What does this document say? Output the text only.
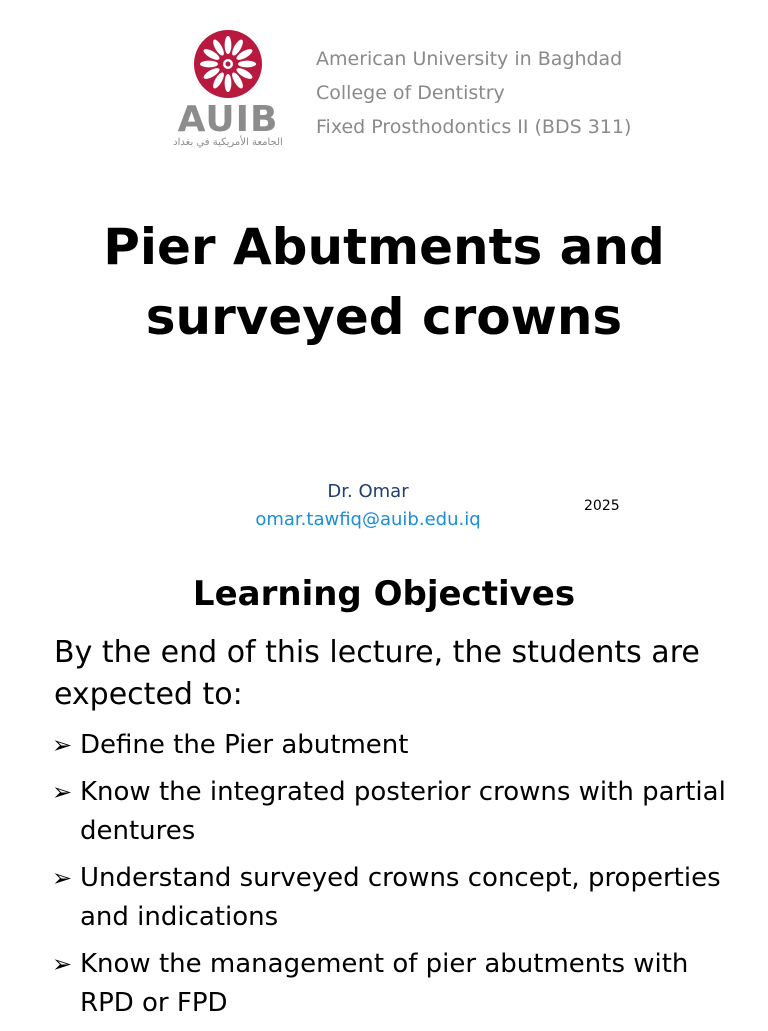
AUIB
الجامعة الأمريكية في بغداد
American University in Baghdad
College of Dentistry
Fixed Prosthodontics II (BDS 311)
Pier Abutments and
surveyed crowns
Dr. Omar
omar.tawfiq@auib.edu.iq
2025
Learning Objectives
By the end of this lecture, the students are expected to:
➢ Define the Pier abutment
➢ Know the integrated posterior crowns with partial dentures
➢ Understand surveyed crowns concept, properties and indications
➢ Know the management of pier abutments with RPD or FPD
